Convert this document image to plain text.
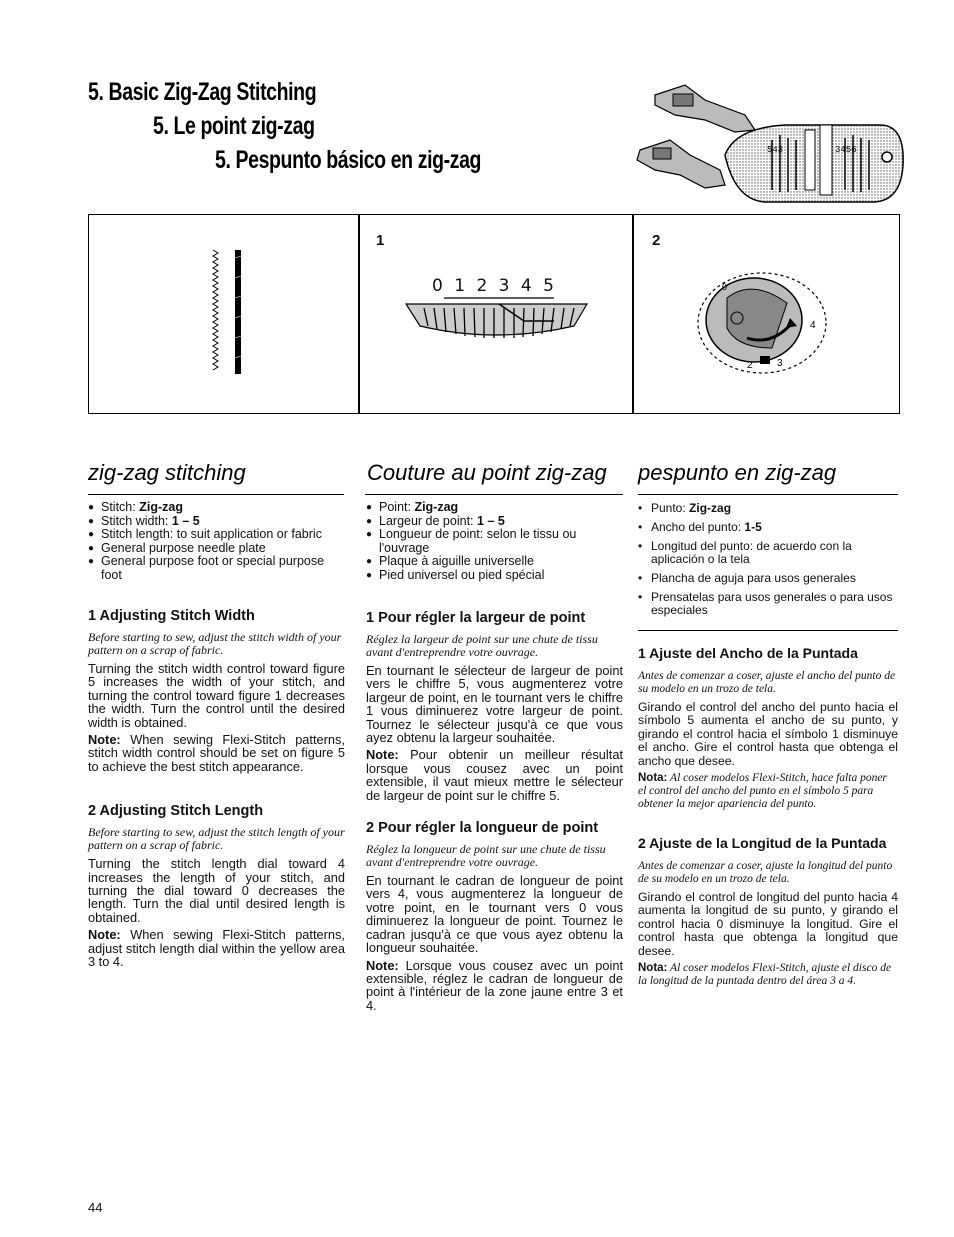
5. Basic Zig-Zag Stitching
5. Le point zig-zag
5. Pespunto básico en zig-zag	543	3456
1
0 1 2 3 4 5
2
0
4
2 3
zig-zag stitching	Couture au point zig-zag pespunto en zig-zag
● Stitch: Zig-zag
● Stitch width: 1 – 5
● Stitch length: to suit application or fabric
● General purpose needle plate
● General purpose foot or special purpose foot
1 Adjusting Stitch Width
Before starting to sew, adjust the stitch width of your pattern on a scrap of fabric.

Turning the stitch width control toward figure 5 increases the width of your stitch, and turning the control toward figure 1 decreases the width. Turn the control until the desired width is obtained.

Note: When sewing Flexi-Stitch patterns, stitch width control should be set on figure 5 to achieve the best stitch appearance.

2 Adjusting Stitch Length
Before starting to sew, adjust the stitch length of your pattern on a scrap of fabric.

Turning the stitch length dial toward 4 increases the length of your stitch, and turning the dial toward 0 decreases the length. Turn the dial until desired length is obtained.

Note: When sewing Flexi-Stitch patterns, adjust stitch length dial within the yellow area 3 to 4.

● Point: Zig-zag
● Largeur de point: 1 – 5
● Longueur de point: selon le tissu ou l'ouvrage
● Plaque à aiguille universelle
● Pied universel ou pied spécial
1 Pour régler la largeur de point
Réglez la largeur de point sur une chute de tissu avant d'entreprendre votre ouvrage.

En tournant le sélecteur de largeur de point vers le chiffre 5, vous augmenterez votre largeur de point, en le tournant vers le chiffre 1 vous diminuerez votre largeur de point. Tournez le sélecteur jusqu'à ce que vous ayez obtenu la largeur souhaitée.

Note: Pour obtenir un meilleur résultat lorsque vous cousez avec un point extensible, il vaut mieux mettre le sélecteur de largeur de point sur le chiffre 5.

2 Pour régler la longueur de point
Réglez la longueur de point sur une chute de tissu avant d'entreprendre votre ouvrage.

En tournant le cadran de longueur de point vers 4, vous augmenterez la longueur de votre point, en le tournant vers 0 vous diminuerez la longueur de point. Tournez le cadran jusqu'à ce que vous ayez obtenu la longueur souhaitée.

Note: Lorsque vous cousez avec un point extensible, réglez le cadran de longueur de point à l'intérieur de la zone jaune entre 3 et 4.

• Punto: Zig-zag
• Ancho del punto: 1-5
• Longitud del punto: de acuerdo con la aplicación o la tela
• Plancha de aguja para usos generales
• Prensatelas para usos generales o para usos especiales
1 Ajuste del Ancho de la Puntada
Antes de comenzar a coser, ajuste el ancho del punto de su modelo en un trozo de tela.

Girando el control del ancho del punto hacia el símbolo 5 aumenta el ancho de su punto, y girando el control hacia el símbolo 1 disminuye el ancho. Gire el control hasta que obtenga el ancho que desee.

Nota: Al coser modelos Flexi-Stitch, hace falta poner el control del ancho del punto en el símbolo 5 para obtener la mejor apariencia del punto.

2 Ajuste de la Longitud de la Puntada
Antes de comenzar a coser, ajuste la longitud del punto de su modelo en un trozo de tela.

Girando el control de longitud del punto hacia 4 aumenta la longitud de su punto, y girando el control hacia 0 disminuye la longitud. Gire el control hasta que obtenga la longitud que desee.

Nota: Al coser modelos Flexi-Stitch, ajuste el disco de la longitud de la puntada dentro del área 3 a 4.

44
